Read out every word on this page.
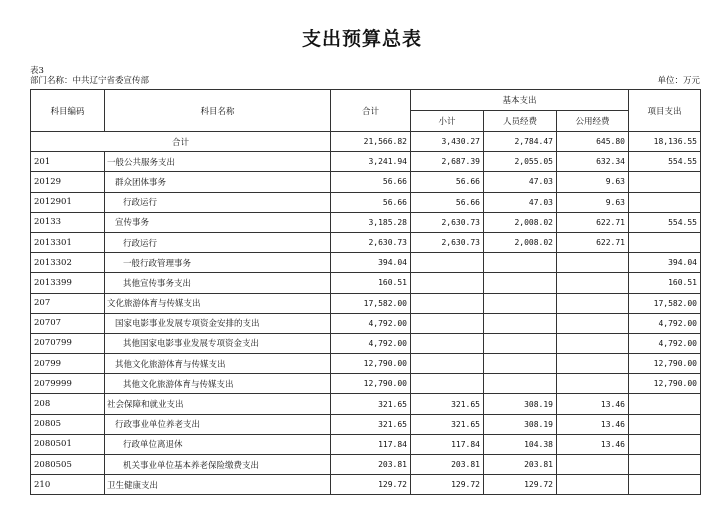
支出预算总表
表3
部门名称：中共辽宁省委宣传部	单位：万元
科目编码	科目名称	合计	基本支出			项目支出
			小计	人员经费	公用经费	
合计		21,566.82	3,430.27	2,784.47	645.80	18,136.55
201	一般公共服务支出	3,241.94	2,687.39	2,055.05	632.34	554.55
20129	群众团体事务	56.66	56.66	47.03	9.63	
2012901	行政运行	56.66	56.66	47.03	9.63	
20133	宣传事务	3,185.28	2,630.73	2,008.02	622.71	554.55
2013301	行政运行	2,630.73	2,630.73	2,008.02	622.71	
2013302	一般行政管理事务	394.04				394.04
2013399	其他宣传事务支出	160.51				160.51
207	文化旅游体育与传媒支出	17,582.00				17,582.00
20707	国家电影事业发展专项资金安排的支出	4,792.00				4,792.00
2070799	其他国家电影事业发展专项资金支出	4,792.00				4,792.00
20799	其他文化旅游体育与传媒支出	12,790.00				12,790.00
2079999	其他文化旅游体育与传媒支出	12,790.00				12,790.00
208	社会保障和就业支出	321.65	321.65	308.19	13.46	
20805	行政事业单位养老支出	321.65	321.65	308.19	13.46	
2080501	行政单位离退休	117.84	117.84	104.38	13.46	
2080505	机关事业单位基本养老保险缴费支出	203.81	203.81	203.81		
210	卫生健康支出	129.72	129.72	129.72		
